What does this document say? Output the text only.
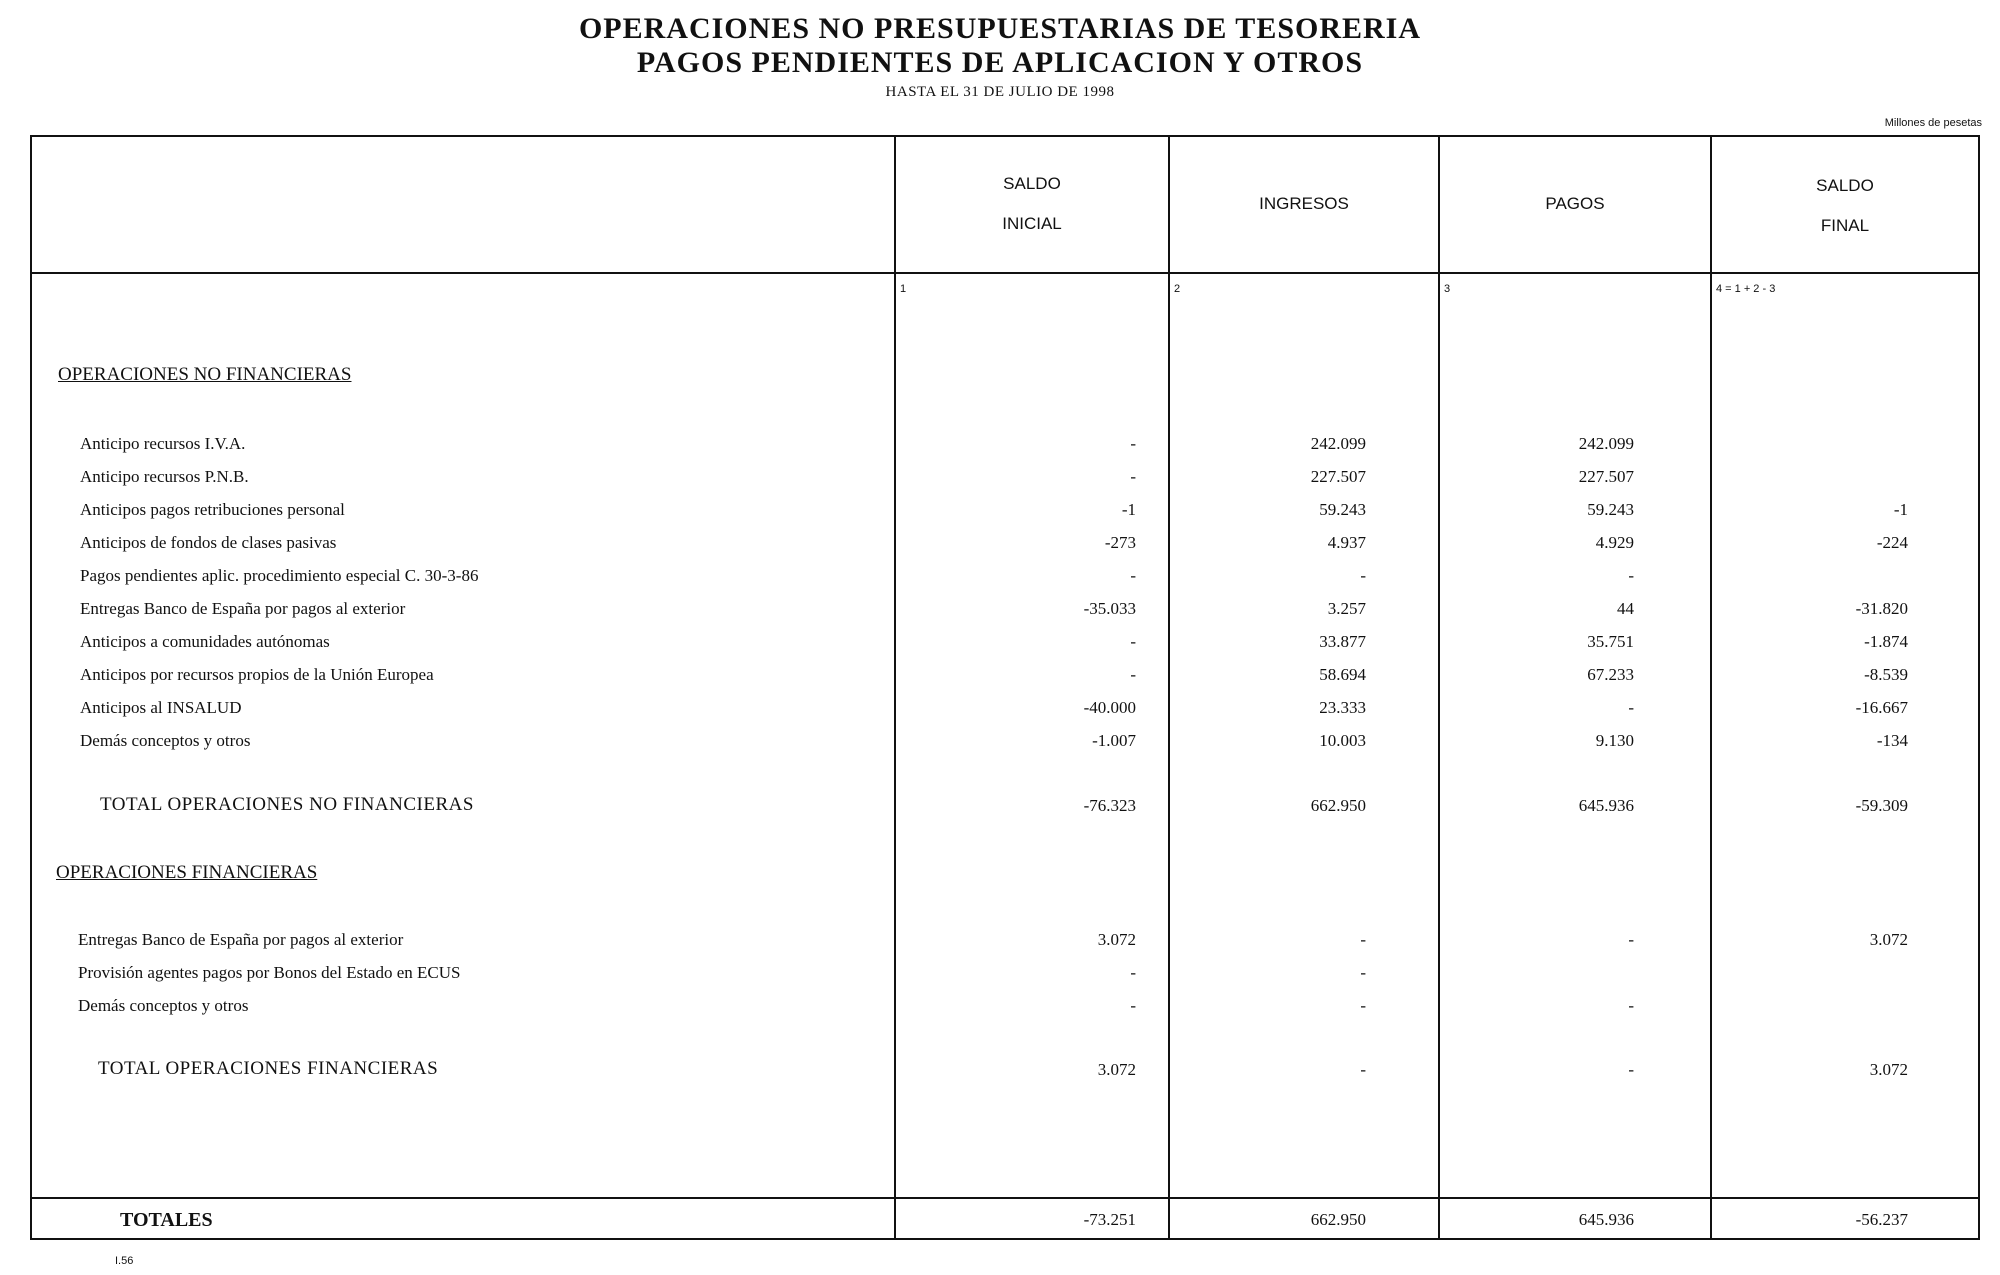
OPERACIONES NO PRESUPUESTARIAS DE TESORERIA
PAGOS PENDIENTES DE APLICACION Y OTROS
HASTA EL 31 DE JULIO DE 1998
Millones de pesetas
SALDO
INICIAL
INGRESOS	PAGOS
SALDO
FINAL
1	2	3	4 = 1 + 2 - 3
OPERACIONES NO FINANCIERAS
Anticipo recursos I.V.A.	-	242.099	242.099
Anticipo recursos P.N.B.	-	227.507	227.507
Anticipos pagos retribuciones personal	-1	59.243	59.243	-1
Anticipos de fondos de clases pasivas	-273	4.937	4.929	-224
Pagos pendientes aplic. procedimiento especial C. 30-3-86	-	-	-
Entregas Banco de España por pagos al exterior	-35.033	3.257	44	-31.820
Anticipos a comunidades autónomas	-	33.877	35.751	-1.874
Anticipos por recursos propios de la Unión Europea	-	58.694	67.233	-8.539
Anticipos al INSALUD	-40.000	23.333	-	-16.667
Demás conceptos y otros	-1.007	10.003	9.130	-134
TOTAL OPERACIONES NO FINANCIERAS	-76.323	662.950	645.936	-59.309
OPERACIONES FINANCIERAS
Entregas Banco de España por pagos al exterior	3.072	-	-	3.072
Provisión agentes pagos por Bonos del Estado en ECUS	-	-
Demás conceptos y otros	-	-	-
TOTAL OPERACIONES FINANCIERAS	3.072	-	-	3.072
TOTALES	-73.251	662.950	645.936	-56.237
I.56
